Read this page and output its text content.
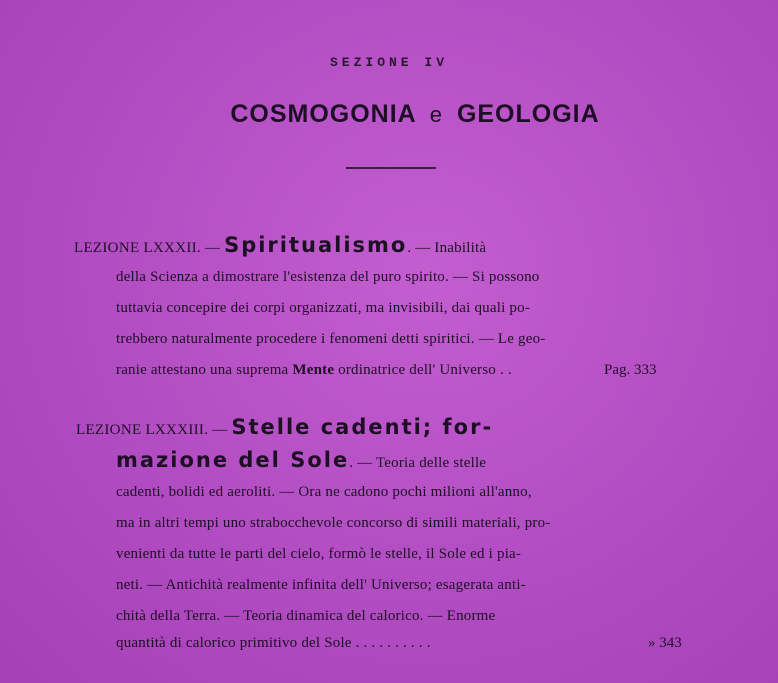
SEZIONE IV
COSMOGONIA e GEOLOGIA
LEZIONE LXXXII. — Spiritualismo. — Inabilità
della Scienza a dimostrare l'esistenza del puro spirito. — Si possono
tuttavia concepire dei corpi organizzati, ma invisibili, dai quali po-
trebbero naturalmente procedere i fenomeni detti spiritici. — Le geo-
ranie attestano una suprema Mente ordinatrice dell' Universo . .	Pag. 333
LEZIONE LXXXIII. — Stelle cadenti; for-
mazione del Sole. — Teoria delle stelle
cadenti, bolidi ed aeroliti. — Ora ne cadono pochi milioni all'anno,
ma in altri tempi uno strabocchevole concorso di simili materiali, pro-
venienti da tutte le parti del cielo, formò le stelle, il Sole ed i pia-
neti. — Antichità realmente infinita dell' Universo; esagerata anti-
chità della Terra. — Teoria dinamica del calorico. — Enorme
quantità di calorico primitivo del Sole . . . . . . . . . .	» 343
